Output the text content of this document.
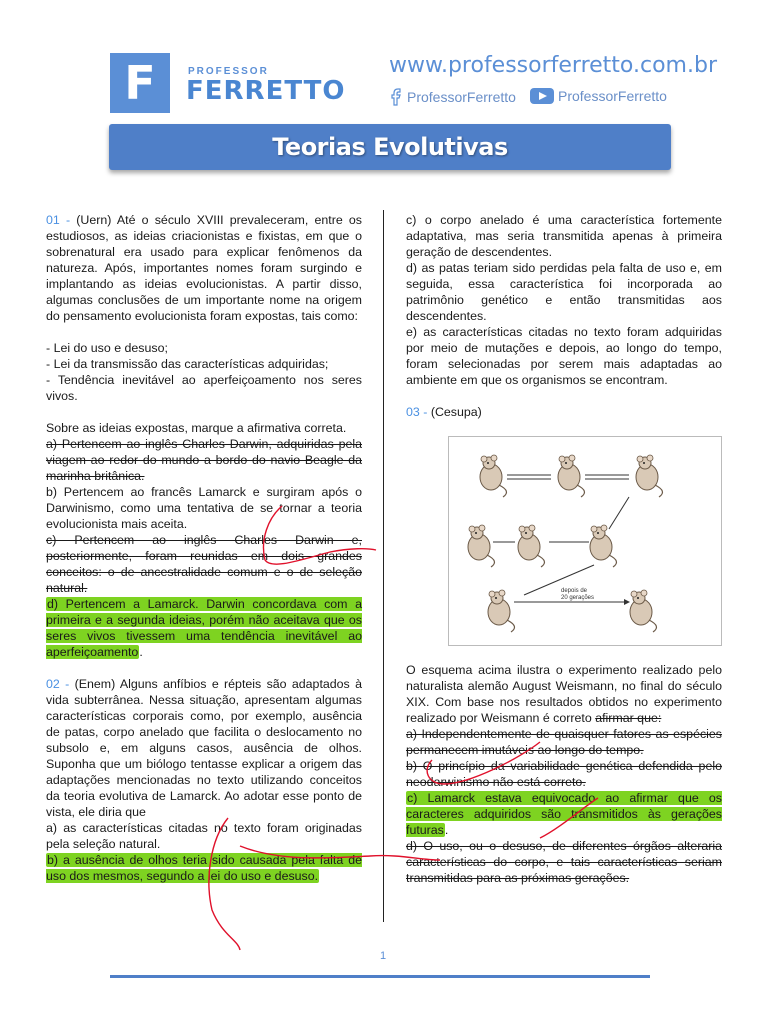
F	PROFESSOR
FERRETTO
www.professorferretto.com.br
ProfessorFerretto	ProfessorFerretto
Teorias Evolutivas

01 - (Uern) Até o século XVIII prevaleceram, entre os estudiosos, as ideias criacionistas e fixistas, em que o sobrenatural era usado para explicar fenômenos da natureza. Após, importantes nomes foram surgindo e implantando as ideias evolucionistas. A partir disso, algumas conclusões de um importante nome na origem do pensamento evolucionista foram expostas, tais como:

- Lei do uso e desuso;

- Lei da transmissão das características adquiridas;

- Tendência inevitável ao aperfeiçoamento nos seres vivos.

Sobre as ideias expostas, marque a afirmativa correta.

a) Pertencem ao inglês Charles Darwin, adquiridas pela viagem ao redor do mundo a bordo do navio Beagle da marinha britânica.

b) Pertencem ao francês Lamarck e surgiram após o Darwinismo, como uma tentativa de se tornar a teoria evolucionista mais aceita.

c) Pertencem ao inglês Charles Darwin e, posteriormente, foram reunidas em dois grandes conceitos: o de ancestralidade comum e o de seleção natural.

d) Pertencem a Lamarck. Darwin concordava com a primeira e a segunda ideias, porém não aceitava que os seres vivos tivessem uma tendência inevitável ao aperfeiçoamento.

02 - (Enem) Alguns anfíbios e répteis são adaptados à vida subterrânea. Nessa situação, apresentam algumas características corporais como, por exemplo, ausência de patas, corpo anelado que facilita o deslocamento no subsolo e, em alguns casos, ausência de olhos. Suponha que um biólogo tentasse explicar a origem das adaptações mencionadas no texto utilizando conceitos da teoria evolutiva de Lamarck. Ao adotar esse ponto de vista, ele diria que

a) as características citadas no texto foram originadas pela seleção natural.

b) a ausência de olhos teria sido causada pela falta de uso dos mesmos, segundo a lei do uso e desuso.

c) o corpo anelado é uma característica fortemente adaptativa, mas seria transmitida apenas à primeira geração de descendentes.

d) as patas teriam sido perdidas pela falta de uso e, em seguida, essa característica foi incorporada ao patrimônio genético e então transmitidas aos descendentes.

e) as características citadas no texto foram adquiridas por meio de mutações e depois, ao longo do tempo, foram selecionadas por serem mais adaptadas ao ambiente em que os organismos se encontram.

03 - (Cesupa)

depois de 20 gerações

O esquema acima ilustra o experimento realizado pelo naturalista alemão August Weismann, no final do século XIX. Com base nos resultados obtidos no experimento realizado por Weismann é correto afirmar que:

a) Independentemente de quaisquer fatores as espécies permanecem imutáveis ao longo do tempo.

b) O princípio da variabilidade genética defendida pelo neodarwinismo não está correto.

c) Lamarck estava equivocado ao afirmar que os caracteres adquiridos são transmitidos às gerações futuras.

d) O uso, ou o desuso, de diferentes órgãos alteraria características do corpo, e tais características seriam transmitidas para as próximas gerações.

1
